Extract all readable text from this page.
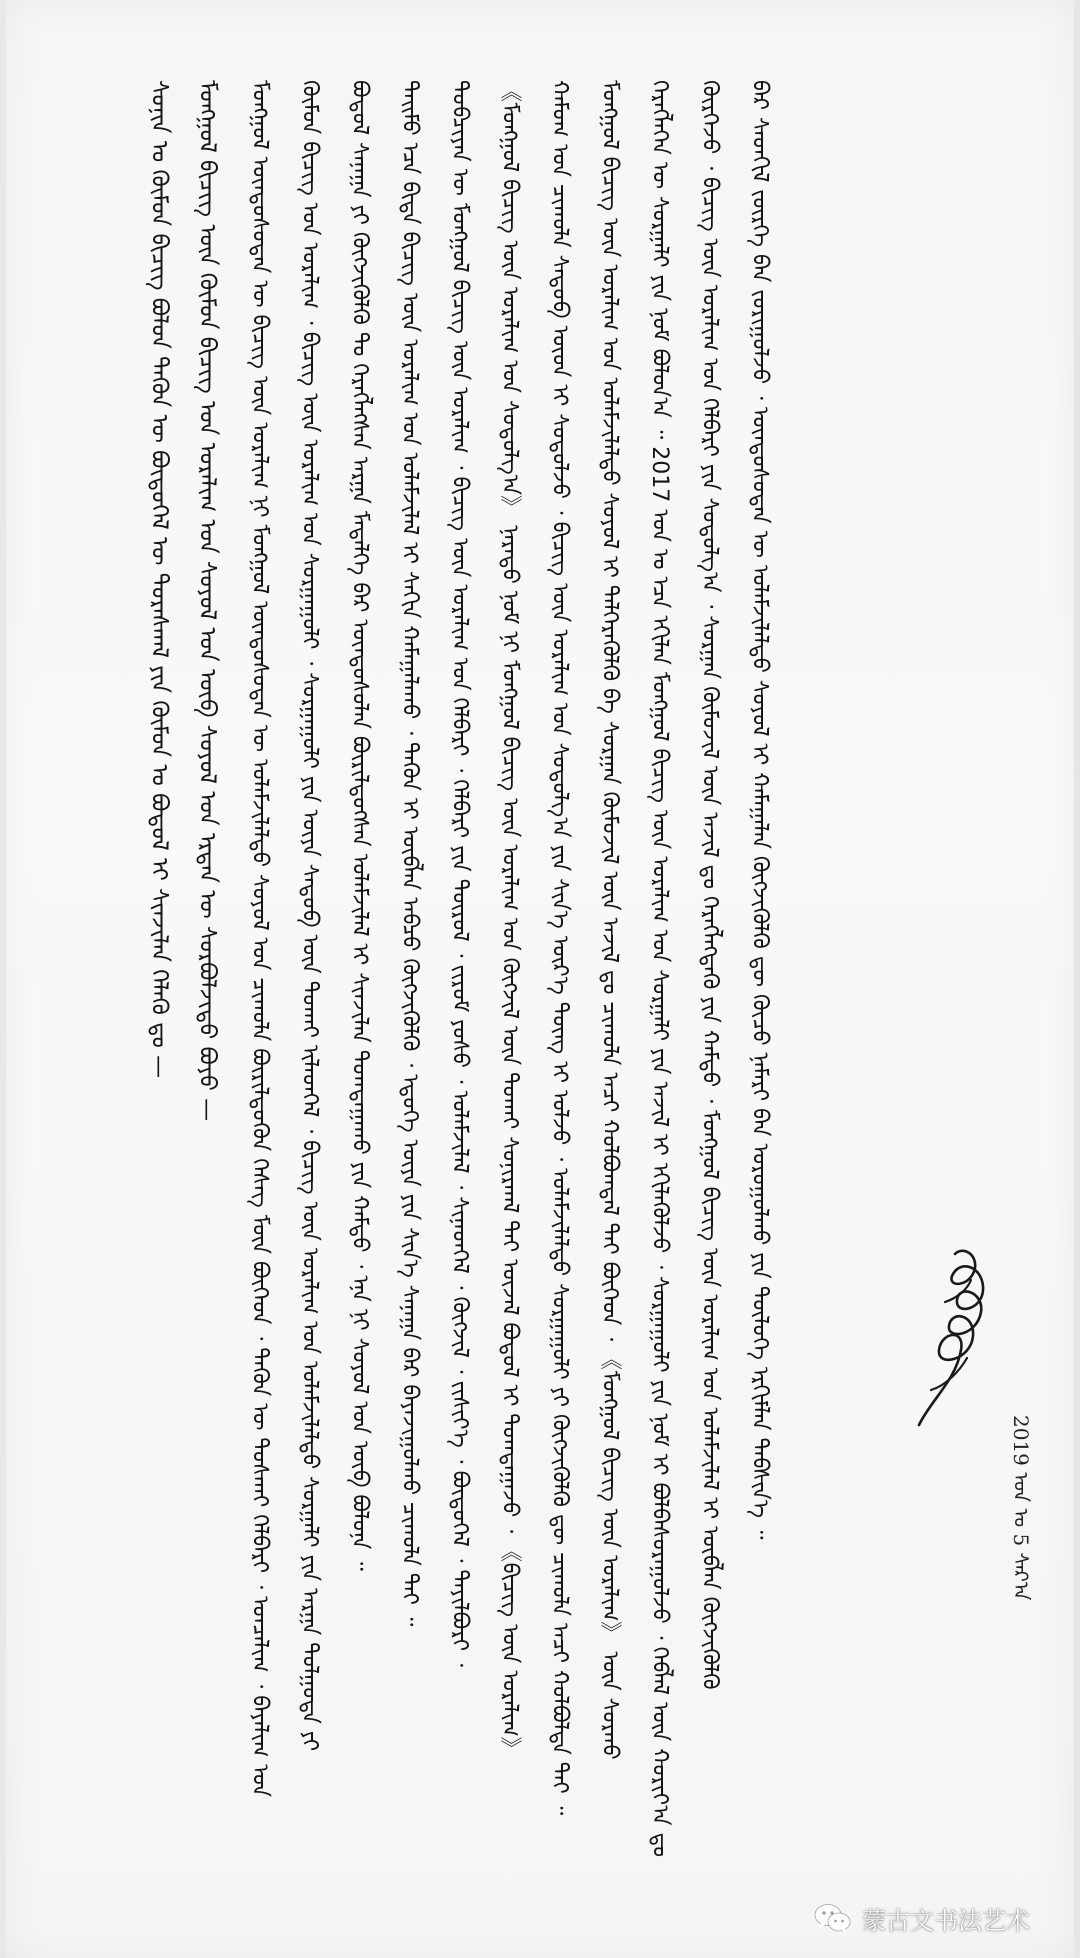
ᠰᠣᠨᠢᠨ ᠤ ᠬᠦᠮᠦᠨ ᠪᠢᠴᠢᠭ ᠪᠣᠯᠣᠨ ᠲᠡᠭᠦᠨ ᠦ ᠪᠦᠲᠦᠭᠡᠯ ᠦ ᠳᠤᠷᠠᠰᠬᠠᠯ ᠶᠢᠨ ᠬᠦᠮᠦᠨ ᠤ ᠪᠣᠳᠤᠯ ᠢ ᠰᠢᠨᠵᠢᠯᠡᠨ ᠬᠡᠯᠡᠬᠦ ᠳᠤ — ᠮᠣᠩᠭᠣᠯ ᠪᠢᠴᠢᠭ ᠦᠨ ᠬᠦᠮᠦᠨ ᠪᠢᠴᠢᠭ ᠤᠨ ᠤᠷᠠᠯᠢᠭ ᠤᠨ ᠰᠣᠶᠣᠯ ᠤᠨ ᠥᠪ ᠰᠣᠶᠣᠯ ᠤᠨ ᠡᠷᠲᠡᠨ ᠦ ᠰᠤᠷᠪᠤᠯᠵᠢᠲᠤ ᠪᠤᠶᠤ — ᠮᠣᠩᠭᠣᠯ ᠦᠨᠳᠦᠰᠦᠲᠡᠨ ᠦ ᠪᠢᠴᠢᠭ ᠦᠨ ᠤᠷᠠᠯᠢᠭ ᠨᠢ ᠮᠣᠩᠭᠣᠯ ᠦᠨᠳᠦᠰᠦᠲᠡᠨ ᠦ ᠤᠯᠠᠮᠵᠢᠯᠠᠯᠳᠤ ᠰᠣᠶᠣᠯ ᠤᠨ ᠴᠢᠬᠤᠯᠠ ᠪᠦᠷᠢᠯᠳᠦᠬᠦᠨ ᠬᠡᠰᠡᠭ ᠮᠥᠨ ᠪᠥᠭᠡᠳ ᠂ ᠲᠡᠭᠦᠨ ᠦ ᠲᠤᠰᠬᠠᠢ ᠬᠡᠯᠪᠡᠷᠢ ᠂ ᠣᠨᠴᠠᠯᠢᠭ ᠂ ᠪᠠᠶᠠᠯᠢᠭ ᠤᠨ ᠬᠦᠮᠦᠨ ᠪᠢᠴᠢᠭ ᠤᠨ ᠤᠷᠠᠯᠢᠭ ᠂ ᠪᠢᠴᠢᠭ ᠦᠨ ᠤᠷᠠᠯᠢᠭ ᠤᠨ ᠰᠤᠷᠭᠠᠭᠤᠯᠢ ᠂ ᠰᠤᠷᠭᠠᠭᠤᠯᠢ ᠶᠢᠨ ᠦᠶᠡ ᠰᠡᠳᠦᠪ ᠦᠨ ᠲᠤᠬᠠᠢ ᠢᠯᠡᠳᠬᠡᠯ ᠂ ᠪᠢᠴᠢᠭ ᠦᠨ ᠤᠷᠠᠯᠢᠭ ᠤᠨ ᠤᠯᠠᠮᠵᠢᠯᠠᠯᠳᠤ ᠰᠤᠷᠭᠠᠯᠢ ᠶᠢᠨ ᠠᠷᠭᠠ ᠲᠤᠯᠭᠤᠳᠠ ᠶᠢ ᠪᠣᠳᠣᠯ ᠰᠠᠨᠠᠭᠠ ᠶᠢ ᠬᠥᠭᠵᠢᠭᠦᠯᠬᠦ ᠲᠤ ᠬᠡᠷᠡᠭᠯᠡᠭᠰᠡᠨ ᠠᠷᠭᠠ ᠮᠡᠳᠡᠯᠭᠡ ᠪᠠᠷ ᠦᠨᠳᠦᠰᠦᠯᠡᠨ ᠪᠦᠷᠢᠯᠳᠦᠭᠰᠡᠨ ᠤᠯᠠᠮᠵᠢᠯᠠᠯ ᠢ ᠰᠢᠨᠵᠢᠯᠡᠨ ᠲᠣᠭᠲᠠᠭᠠᠬᠤ ᠶᠢᠨ ᠬᠠᠮᠲᠤ ᠂ ᠡᠨᠡ ᠨᠢ ᠰᠣᠶᠣᠯ ᠤᠨ ᠥᠪ ᠪᠣᠯᠤᠨᠠ ᠃ ᠲᠡᠢᠮᠦ ᠡᠴᠡ ᠪᠢᠳᠡ ᠪᠢᠴᠢᠭ ᠦᠨ ᠤᠷᠠᠯᠢᠭ ᠤᠨ ᠤᠯᠠᠮᠵᠢᠯᠠᠯ ᠢ ᠰᠠᠬᠢᠨ ᠬᠠᠮᠠᠭᠠᠯᠠᠬᠤ ᠂ ᠲᠡᠭᠦᠨ ᠢ ᠥᠪᠯᠡᠨ ᠠᠪᠴᠤ ᠬᠥᠭᠵᠢᠭᠦᠯᠬᠦ ᠂ ᠡᠳᠦᠭᠡ ᠦᠶᠡ ᠶᠢᠨ ᠰᠢᠨ᠎ᠡ ᠰᠠᠨᠠᠭᠠ ᠪᠠᠷ ᠪᠠᠶᠠᠵᠢᠭᠤᠯᠬᠤ ᠴᠢᠬᠤᠯᠠ ᠲᠠᠢ ᠃ ᠲᠣᠪᠴᠢᠶᠠᠨ ᠦ ᠮᠣᠩᠭᠣᠯ ᠪᠢᠴᠢᠭ ᠦᠨ ᠤᠷᠠᠯᠢᠭ ᠂ ᠪᠢᠴᠢᠭ ᠦᠨ ᠤᠷᠠᠯᠢᠭ ᠤᠨ ᠬᠡᠯᠪᠡᠷᠢ ᠂ ᠬᠡᠯᠪᠡᠷᠢ ᠶᠢᠨ ᠲᠥᠷᠥᠯ ᠂ ᠵᠢᠷᠤᠮ ᠶᠣᠰᠤ ᠂ ᠤᠯᠠᠮᠵᠢᠯᠠᠯ ᠂ ᠰᠢᠨᠡᠳᠬᠡᠯ ᠂ ᠬᠥᠭᠵᠢᠯ ᠂ ᠵᠢᠱᠢᠶ᠎ᠡ ᠂ ᠪᠦᠲᠦᠭᠡᠯ ᠂ ᠲᠠᠶᠢᠯᠪᠤᠷᠢ ᠂ 《ᠮᠣᠩᠭᠣᠯ ᠪᠢᠴᠢᠭ ᠦᠨ ᠤᠷᠠᠯᠢᠭ ᠤᠨ ᠰᠤᠳᠤᠯᠭ᠎ᠠ》 ᠨᠡᠷᠡᠲᠦ ᠨᠣᠮ ᠨᠢ ᠮᠣᠩᠭᠣᠯ ᠪᠢᠴᠢᠭ ᠦᠨ ᠤᠷᠠᠯᠢᠭ ᠤᠨ ᠬᠥᠭᠵᠢᠯ ᠦᠨ ᠲᠤᠬᠠᠢ ᠰᠣᠨᠢᠷᠬᠠᠯ ᠲᠠᠢ ᠦᠵᠡᠯ ᠪᠣᠳᠣᠯ ᠢ ᠲᠣᠭᠲᠠᠭᠠᠵᠤ ᠂ 《ᠪᠢᠴᠢᠭ ᠦᠨ ᠤᠷᠠᠯᠢᠭ》 ᠬᠠᠮᠤᠭ ᠤᠨ ᠴᠢᠬᠤᠯᠠ ᠰᠡᠳᠦᠪ ᠦᠳ ᠢ ᠰᠤᠳᠤᠯᠵᠤ ᠂ ᠪᠢᠴᠢᠭ ᠦᠨ ᠤᠷᠠᠯᠢᠭ ᠤᠨ ᠰᠤᠳᠤᠯᠭ᠎ᠠ ᠶᠢᠨ ᠰᠢᠨ᠎ᠡ ᠦᠷ᠎ᠡ ᠳᠦᠩ ᠢ ᠣᠯᠵᠤ ᠂ ᠤᠯᠠᠮᠵᠢᠯᠠᠯᠳᠤ ᠰᠤᠷᠭᠠᠭᠤᠯᠢ ᠶᠢ ᠬᠥᠭᠵᠢᠭᠦᠯᠬᠦ ᠳᠦ ᠴᠢᠬᠤᠯᠠ ᠠᠴᠢ ᠬᠣᠯᠪᠣᠯᠳᠠ ᠲᠠᠢ ᠃ ᠮᠣᠩᠭᠣᠯ ᠪᠢᠴᠢᠭ ᠦᠨ ᠤᠷᠠᠯᠢᠭ ᠤᠨ ᠤᠯᠠᠮᠵᠢᠯᠠᠯᠳᠤ ᠰᠣᠶᠣᠯ ᠢ ᠲᠡᠯᠭᠡᠷᠡᠭᠦᠯᠬᠦ ᠪᠠ ᠰᠤᠷᠭᠠᠨ ᠬᠥᠮᠦᠵᠢᠯ ᠦᠨ ᠠᠵᠢᠯ ᠳᠤ ᠴᠢᠬᠤᠯᠠ ᠠᠴᠢ ᠬᠣᠯᠪᠣᠭᠳᠠᠯ ᠲᠠᠢ ᠪᠥᠭᠡᠳ ᠂ 《ᠮᠣᠩᠭᠣᠯ ᠪᠢᠴᠢᠭ ᠦᠨ ᠤᠷᠠᠯᠢᠭ》 ᠦᠨ ᠰᠤᠷᠬᠤ ᠬᠡᠷᠡᠭᠯᠡᠭᠡᠨ ᠦ ᠰᠤᠷᠭᠠᠯᠢ ᠶᠢᠨ ᠨᠣᠮ ᠪᠣᠯᠤᠨ᠎ᠠ ᠃ 2017 ᠣᠨ ᠤ ᠡᠴᠡ ᠡᠬᠢᠯᠡᠨ ᠮᠣᠩᠭᠣᠯ ᠪᠢᠴᠢᠭ ᠦᠨ ᠤᠷᠠᠯᠢᠭ ᠤᠨ ᠰᠤᠷᠭᠠᠯᠢ ᠶᠢᠨ ᠠᠵᠢᠯ ᠢ ᠡᠬᠢᠯᠡᠭᠦᠯᠵᠦ ᠂ ᠰᠤᠷᠭᠠᠭᠤᠯᠢ ᠶᠢᠨ ᠨᠣᠮ ᠢ ᠪᠣᠯᠪᠠᠰᠤᠷᠠᠭᠤᠯᠵᠤ ᠂ ᠬᠡᠪᠯᠡᠯ ᠦᠨ ᠬᠣᠷᠢᠶ᠎ᠠ ᠳᠤ ᠬᠦᠷᠭᠡᠵᠦ ᠂ ᠪᠢᠴᠢᠭ ᠦᠨ ᠤᠷᠠᠯᠢᠭ ᠤᠨ ᠬᠡᠯᠪᠡᠷᠢ ᠶᠢᠨ ᠰᠤᠳᠤᠯᠭ᠎ᠠ ᠂ ᠰᠤᠷᠭᠠᠨ ᠬᠥᠮᠦᠵᠢᠯ ᠦᠨ ᠠᠵᠢᠯ ᠳᠤ ᠬᠡᠷᠡᠭᠯᠡᠭᠳᠡᠬᠦ ᠶᠢᠨ ᠬᠠᠮᠲᠤ ᠂ ᠮᠣᠩᠭᠣᠯ ᠪᠢᠴᠢᠭ ᠦᠨ ᠤᠷᠠᠯᠢᠭ ᠤᠨ ᠤᠯᠠᠮᠵᠢᠯᠠᠯ ᠢ ᠥᠪᠯᠡᠨ ᠬᠥᠭᠵᠢᠭᠦᠯᠬᠦ ᠪᠠᠷ ᠰᠡᠳᠬᠢᠯ ᠵᠦᠷᠬᠡ ᠪᠡᠨ ᠵᠣᠷᠢᠭᠤᠯᠵᠤ ᠂ ᠦᠨᠳᠦᠰᠦᠲᠡᠨ ᠦ ᠤᠯᠠᠮᠵᠢᠯᠠᠯᠳᠤ ᠰᠣᠶᠣᠯ ᠢ ᠬᠠᠮᠠᠭᠠᠯᠠᠨ ᠬᠥᠭᠵᠢᠭᠦᠯᠬᠦ ᠳᠦ ᠬᠦᠴᠦ ᠨᠡᠮᠡᠷᠢ ᠪᠡᠨ ᠣᠷᠣᠭᠤᠯᠬᠤ ᠶᠢᠨ ᠲᠥᠯᠥᠭᠡ ᠡᠷᠬᠢᠮᠯᠡᠨ ᠳᠡᠪᠰᠢᠨ᠎ᠡ ᠃	2019 ᠣᠨ ᠤ 5 ᠰᠠᠷ᠎ᠠ
蒙古文书法艺术
